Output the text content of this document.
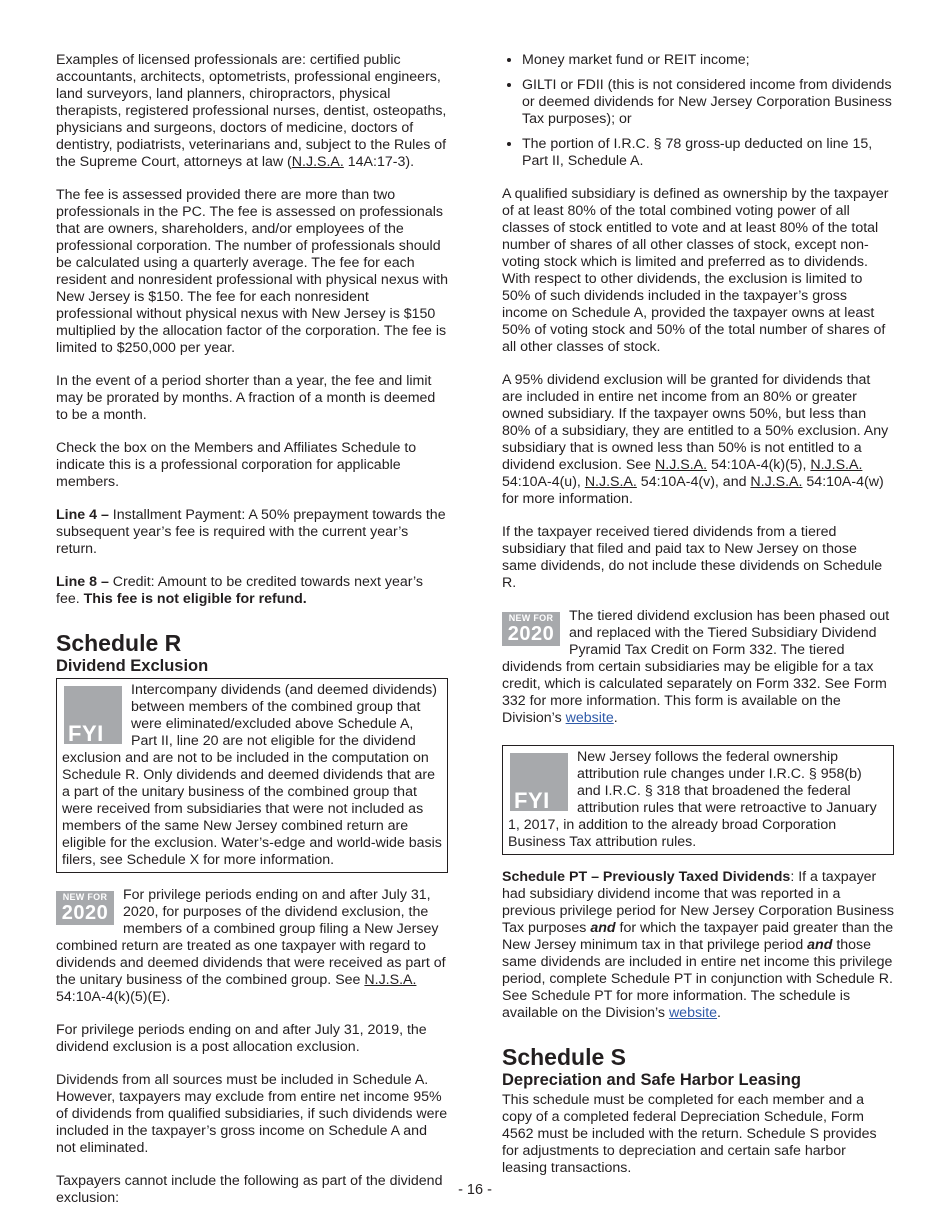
Examples of licensed professionals are: certified public accountants, architects, optometrists, professional engineers, land surveyors, land planners, chiropractors, physical therapists, registered professional nurses, dentist, osteopaths, physicians and surgeons, doctors of medicine, doctors of dentistry, podiatrists, veterinarians and, subject to the Rules of the Supreme Court, attorneys at law (N.J.S.A. 14A:17-3).

The fee is assessed provided there are more than two professionals in the PC. The fee is assessed on professionals that are owners, shareholders, and/or employees of the professional corporation. The number of professionals should be calculated using a quarterly average. The fee for each resident and nonresident professional with physical nexus with New Jersey is $150. The fee for each nonresident professional without physical nexus with New Jersey is $150 multiplied by the allocation factor of the corporation. The fee is limited to $250,000 per year.

In the event of a period shorter than a year, the fee and limit may be prorated by months. A fraction of a month is deemed to be a month.

Check the box on the Members and Affiliates Schedule to indicate this is a professional corporation for applicable members.

Line 4 – Installment Payment: A 50% prepayment towards the subsequent year’s fee is required with the current year’s return.

Line 8 – Credit: Amount to be credited towards next year’s fee. This fee is not eligible for refund.

Schedule R
Dividend Exclusion
FYI
Intercompany dividends (and deemed dividends) between members of the combined group that were eliminated/excluded above Schedule A, Part II, line 20 are not eligible for the dividend exclusion and are not to be included in the computation on Schedule R. Only dividends and deemed dividends that are a part of the unitary business of the combined group that were received from subsidiaries that were not included as members of the same New Jersey combined return are eligible for the exclusion. Water’s-edge and world-wide basis filers, see Schedule X for more information.
NEW FOR
2020
For privilege periods ending on and after July 31, 2020, for purposes of the dividend exclusion, the members of a combined group filing a New Jersey combined return are treated as one taxpayer with regard to dividends and deemed dividends that were received as part of the unitary business of the combined group. See N.J.S.A. 54:10A-4(k)(5)(E).

For privilege periods ending on and after July 31, 2019, the dividend exclusion is a post allocation exclusion.

Dividends from all sources must be included in Schedule A. However, taxpayers may exclude from entire net income 95% of dividends from qualified subsidiaries, if such dividends were included in the taxpayer’s gross income on Schedule A and not eliminated.

Taxpayers cannot include the following as part of the dividend exclusion:

• Money market fund or REIT income;
• GILTI or FDII (this is not considered income from dividends or deemed dividends for New Jersey Corporation Business Tax purposes); or
• The portion of I.R.C. § 78 gross-up deducted on line 15, Part II, Schedule A.

A qualified subsidiary is defined as ownership by the taxpayer of at least 80% of the total combined voting power of all classes of stock entitled to vote and at least 80% of the total number of shares of all other classes of stock, except non-voting stock which is limited and preferred as to dividends. With respect to other dividends, the exclusion is limited to 50% of such dividends included in the taxpayer’s gross income on Schedule A, provided the taxpayer owns at least 50% of voting stock and 50% of the total number of shares of all other classes of stock.

A 95% dividend exclusion will be granted for dividends that are included in entire net income from an 80% or greater owned subsidiary. If the taxpayer owns 50%, but less than 80% of a subsidiary, they are entitled to a 50% exclusion. Any subsidiary that is owned less than 50% is not entitled to a dividend exclusion. See N.J.S.A. 54:10A-4(k)(5), N.J.S.A. 54:10A-4(u), N.J.S.A. 54:10A-4(v), and N.J.S.A. 54:10A-4(w) for more information.

If the taxpayer received tiered dividends from a tiered subsidiary that filed and paid tax to New Jersey on those same dividends, do not include these dividends on Schedule R.

NEW FOR
2020
The tiered dividend exclusion has been phased out and replaced with the Tiered Subsidiary Dividend Pyramid Tax Credit on Form 332. The tiered dividends from certain subsidiaries may be eligible for a tax credit, which is calculated separately on Form 332. See Form 332 for more information. This form is available on the Division’s website.
FYI
New Jersey follows the federal ownership attribution rule changes under I.R.C. § 958(b) and I.R.C. § 318 that broadened the federal attribution rules that were retroactive to January 1, 2017, in addition to the already broad Corporation Business Tax attribution rules.

Schedule PT – Previously Taxed Dividends: If a taxpayer had subsidiary dividend income that was reported in a previous privilege period for New Jersey Corporation Business Tax purposes and for which the taxpayer paid greater than the New Jersey minimum tax in that privilege period and those same dividends are included in entire net income this privilege period, complete Schedule PT in conjunction with Schedule R. See Schedule PT for more information. The schedule is available on the Division’s website.

Schedule S
Depreciation and Safe Harbor Leasing

This schedule must be completed for each member and a copy of a completed federal Depreciation Schedule, Form 4562 must be included with the return. Schedule S provides for adjustments to depreciation and certain safe harbor leasing transactions.

- 16 -
